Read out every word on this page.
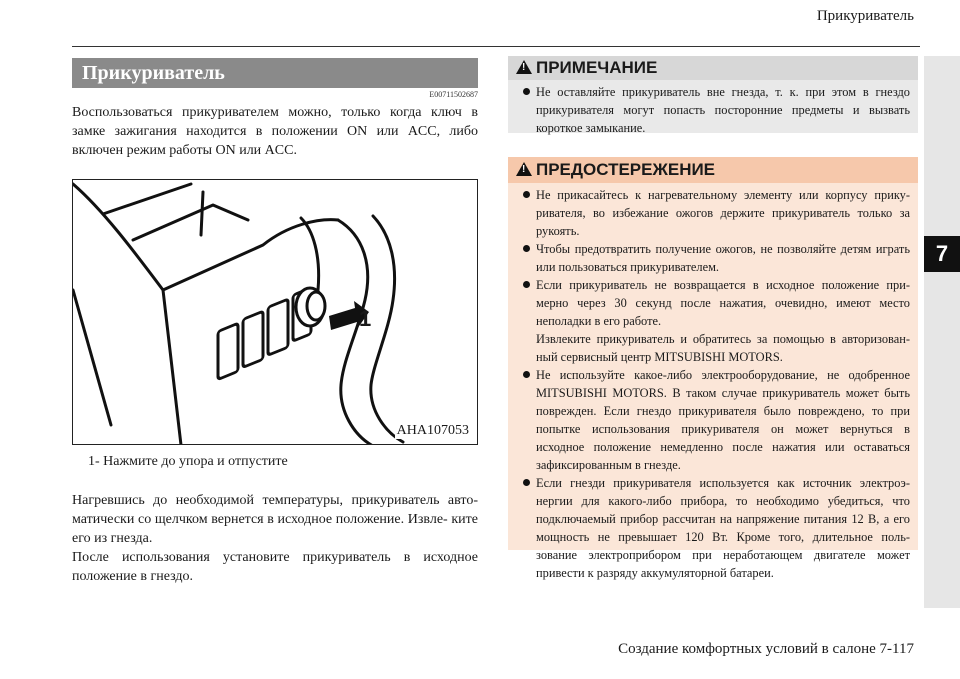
Прикуриватель
7
Прикуриватель
E00711502687
Воспользоваться прикуривателем можно, только когда ключ в замке зажигания находится в положении ON или ACC, либо включен режим работы ON или ACC.
1
AHA107053
1- Нажмите до упора и отпустите
Нагревшись до необходимой температуры, прикуриватель авто- матически со щелчком вернется в исходное положение. Извле- ките его из гнезда.
После использования установите прикуриватель в исходное положение в гнездо.
!ПРИМЕЧАНИЕ
Не оставляйте прикуриватель вне гнезда, т. к. при этом в гнездо прикуривателя могут попасть посторонние предметы и вызвать короткое замыкание.
!ПРЕДОСТЕРЕЖЕНИЕ
Не прикасайтесь к нагревательному элементу или корпусу прику- ривателя, во избежание ожогов держите прикуриватель только за рукоять.
Чтобы предотвратить получение ожогов, не позволяйте детям играть или пользоваться прикуривателем.
Если прикуриватель не возвращается в исходное положение при- мерно через 30 секунд после нажатия, очевидно, имеют место неполадки в его работе.
Извлеките прикуриватель и обратитесь за помощью в авторизован- ный сервисный центр MITSUBISHI MOTORS.
Не используйте какое-либо электрооборудование, не одобренное MITSUBISHI MOTORS. В таком случае прикуриватель может быть поврежден. Если гнездо прикуривателя было повреждено, то при попытке использования прикуривателя он может вернуться в исходное положение немедленно после нажатия или оставаться зафиксированным в гнезде.
Если гнезди прикуривателя используется как источник электроэ- нергии для какого-либо прибора, то необходимо убедиться, что подключаемый прибор рассчитан на напряжение питания 12 В, а его мощность не превышает 120 Вт. Кроме того, длительное поль- зование электроприбором при неработающем двигателе может привести к разряду аккумуляторной батареи.
Создание комфортных условий в салоне 7-117
